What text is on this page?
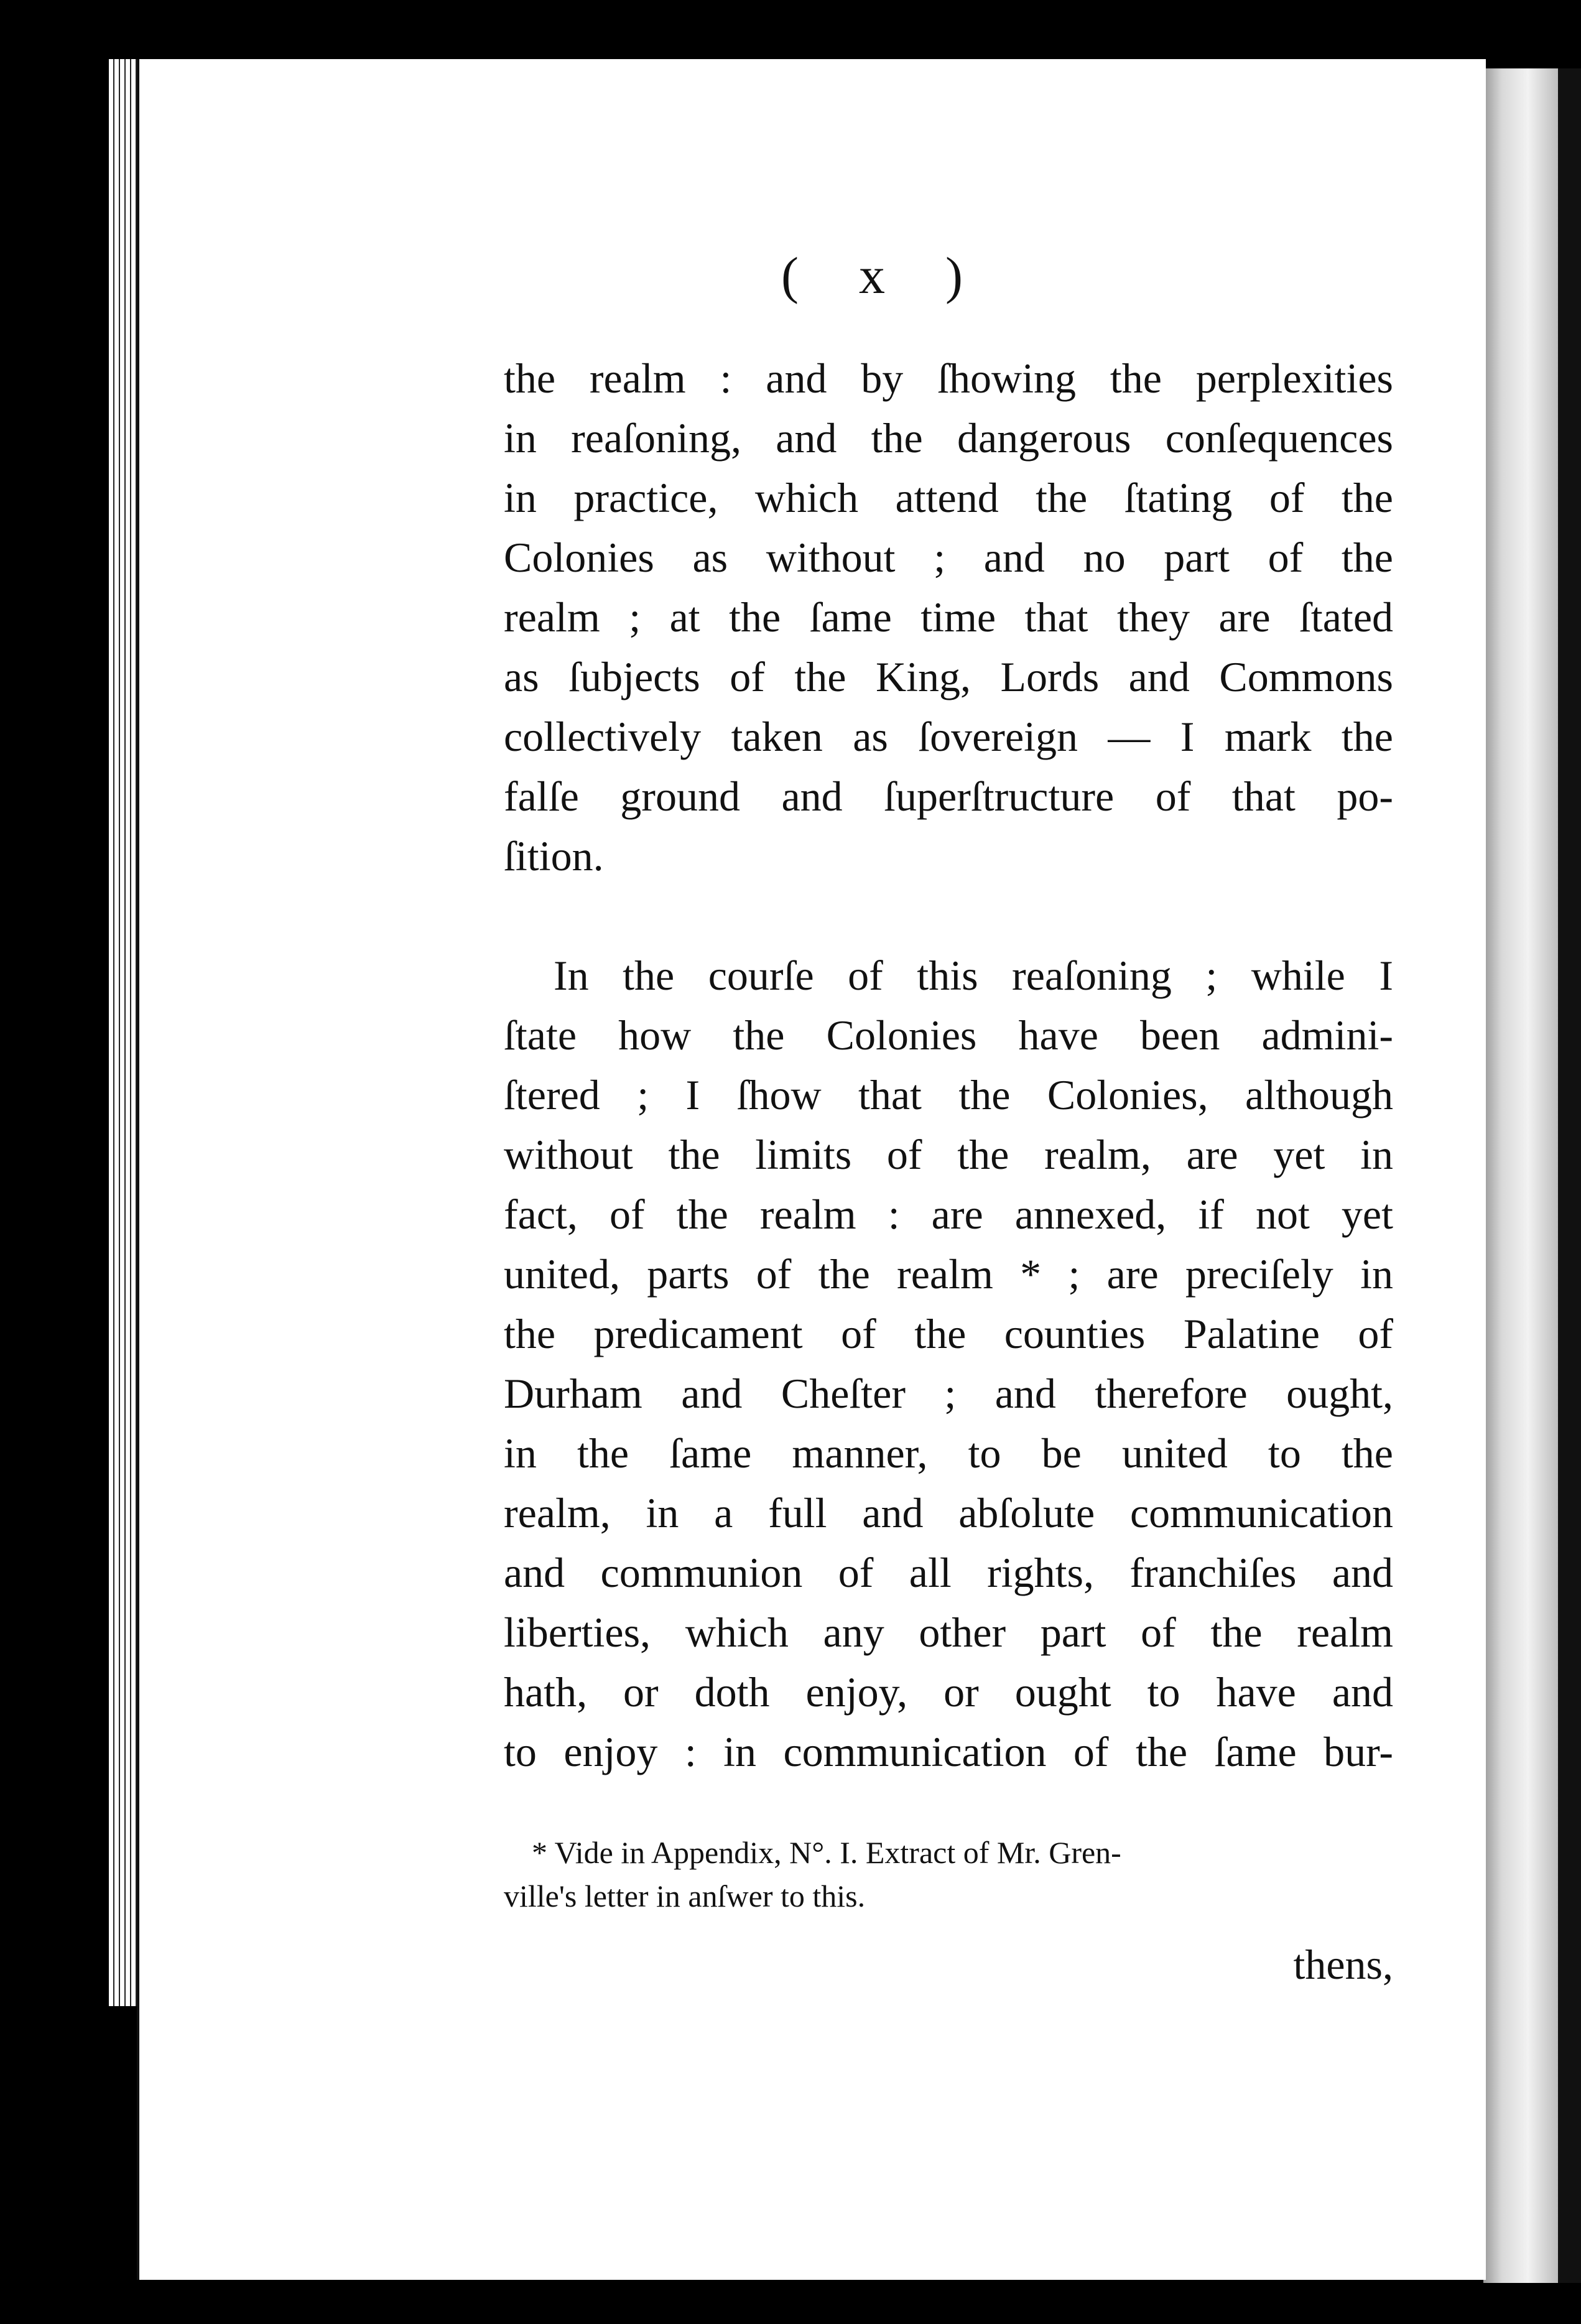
( x )
the realm : and by ſhowing the perplexities
in reaſoning, and the dangerous conſequences
in practice, which attend the ſtating of the
Colonies as without ; and no part of the
realm ; at the ſame time that they are ſtated
as ſubjects of the King, Lords and Commons
collectively taken as ſovereign — I mark the
falſe ground and ſuperſtructure of that po-
ſition.
In the courſe of this reaſoning ; while I
ſtate how the Colonies have been admini-
ſtered ; I ſhow that the Colonies, although
without the limits of the realm, are yet in
fact, of the realm : are annexed, if not yet
united, parts of the realm * ; are preciſely in
the predicament of the counties Palatine of
Durham and Cheſter ; and therefore ought,
in the ſame manner, to be united to the
realm, in a full and abſolute communication
and communion of all rights, franchiſes and
liberties, which any other part of the realm
hath, or doth enjoy, or ought to have and
to enjoy : in communication of the ſame bur-
* Vide in Appendix, N°. I. Extract of Mr. Gren-
ville's letter in anſwer to this.
thens,
